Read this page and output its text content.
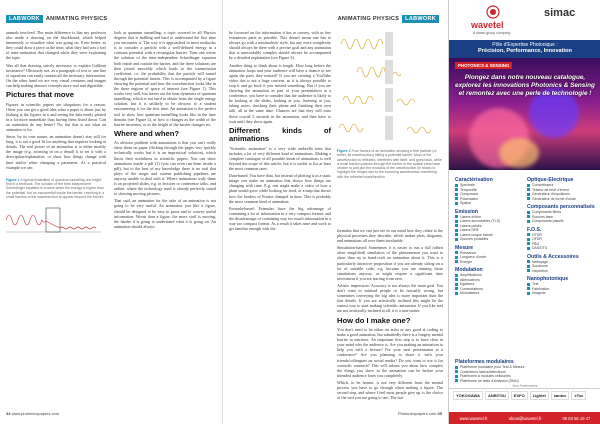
LABWORK	ANIMATING PHYSICS

animals involved. The main difference is that my professor also made a drawing on the blackboard, which helped immensely to visualize what was going on. Even better, as they could draw a piece at the time, what they had was a sort of semi-animation that changed while they were explaining the topic.

Was all that drawing strictly necessary to explain Galilean invariance? Obviously not, as a paragraph of text or one line of equations can easily contain all the necessary information. On the other hand we are very visual creatures and images can help making abstract concepts more real and digestible.

Pictures that move

Figures in scientific papers are ubiquitous for a reason. Often you can get a good idea what a paper is about just by looking at the figures in it and seeing the data neatly plotted in a lot more immediate than having them listed down. Can an animation do any better? No, but that is not what an animation is for.

Since, by its own nature, an animation doesn't stay still for long, it is not a good fit for anything that requires looking at details. The real power of an animation is to either modify the image (e.g. zooming in on a detail) it to set it with a description/explanation, or show how things change with time and/or when changing a parameter. As a practical example we can

Figure 1 A typical illustration of quantum tunnelling one might find in a textbook. The solution of the time independent Schrödinger equation is a wave when the energy is higher than the potential, but an exponential inside the barrier, resulting in a small fraction of the wavefunction to appear beyond the barrier.

look at quantum tunnelling, a topic covered in all Physics degrees that is baffling and hard to understand the first time you encounter it. The way it is approached in most textbooks is to consider a particle with a well-defined energy in a constant potential with a rectangular barrier. Then one writes the solution of the time-independent Schrödinger equation both inside and outside the barrier, and the three solutions are then joined smoothly which leads to the transmission coefficient, i.e. the probability that the particle will tunnel through the potential barrier. This is accompanied by a figure showing the potential and how the wavefunction looks like in the three regions of space of interest (see Figure 1). This works very well, but leaves out the time dynamics of quantum tunnelling, which is not hard to obtain from the single energy solution, but it is unlikely to be obvious to a student encountering it for the first time. An animation is the perfect tool to show how quantum tunnelling looks like in the time domain (see Figure 2), or how it changes as the width of the barrier increases, or as the height of the barrier changes etc.

Where and when?

As obvious problem with animations is that you can't really show them on paper (flicking through the pages very quickly technically works but it is an impractical solution), which limits their usefulness in scientific papers. You can show animations inside a pdf (1) (you can even run them inside a pdf), but to the best of my knowledge there is no tool that plays of the magic and current publishing pipelines are anyway unable to deal with it. Where animations truly shine is on projected slides, e.g. in lectures or conference talks, and online, where the technology used is already perfectly suited to showing moving pictures.

That said, an animation for the sake of an animation is not going to be very useful. An animation, just like a figure, should be designed to be easy to parse and to convey useful information. Worse than a figure, the more stuff is moving, the harder it is going to understand what it is going on. An animation should always

34 www.photonicspapers.com
ANIMATING PHYSICS	LABWORK

be focussed on the information it has to convey, with as few extraneous parts as possible. This doesn't mean one has to always go with a minimalistic style, but any extra complexity should always be there with a precise goal and any animation that is unavoidably complex should always be accompanied by a detailed explanation (see Figure 3).

Another thing to think about is length. How long before the animation loops and your audience will have a chance to see again the parts they missed? If you are creating a YouTube video this is not a huge concern, as it is always possible to stop it and go back if you missed something. But if you are showing the animation as part of your presentation at a conference, you have to consider that the audience is likely to be looking at the slides, looking at you, listening at you, taking notes, checking their phone and finishing their own talk, all at the same time. Chances are that they will miss those crucial 3 seconds in the animation, and then have to wait until they show again.

Different kinds of animations

"Scientific animation" is a very wide umbrella term that includes a lot of very different kind of animations. Making a complete catalogue of all possible kinds of animations is well beyond the scope of this article, but it is useful to list at least the most common ones.

Data-based: You have data, but instead of plotting it as a static image you make an animation that shows how things are changing with time. E.g. one might make a video of how a plant would grow while looking for food, or a map that shows how the borders of France changed in time. This is probably the most common kind of animation.

Formula-based: Formulas have the big advantage of containing a lot of information in a very compact format, and the disadvantage of containing way too much information in a way too compact format. As a result it takes time and work to get familiar enough with the

Figure 2 Four frames of an animation showing a free particle (or better, its wavefunction) hitting a potential barrier. Most of the wavefunction is reflected, interferes with itself, and goes back, while a small fraction passes through the barrier in the spatial crest have chosen to just plot the modulus of the wavefunction (in black) to highlight the fringes due to the incoming wavefunction interfering with the reflected wavefunction.

formulas that we can just see in our mind how they relate to the physical processes they describe, which makes plots, diagrams, and animations all over them invaluable.

Simulation-based: Sometimes it is easier to run a full (albeit often simplified) simulation of the phenomenon you want to show than try to hand-craft an animation about it. This is a particularly attractive proposition if you are already sitting on a lot of suitable code, e.g. because you are running those simulations anyway, or might require a significant time investment if you are starting from zero.

Artistic impression: Accuracy is not always the main goal. You don't want to mislead people or be factually wrong, but sometimes conveying the big idea is more important than the fine details. If you are artistically inclined this might be the easiest way to start making scientific animation. If you like me) are not artistically inclined at all, it is a non-starter.

How do I make one?

You don't need to be either an artist or any good at coding to make a good animation, but admittedly there is a fungety mental barrier to entrance. An important first step is to have clear in your mind who the audience is. Are you making an animation to help you with a lecture? For your next presentation at a conference? Are you planning to share it with your friends/colleagues on social media? Do you want to use it for scientific outreach? This will inform you about how complex the things you show in the animation can be before your intended audience loses you completely.

Which, to be honest, is not very different from the mental process you have to go through when making a figure. The second step, and where I feel most people give up, is the choice of the tool you are going to use. The fact

Photonicspapers.com 35
wavetel
A simac group company
simac
Pôle d'Expertise Photonique :
Précision, Performance, Innovation
PHOTONICS & SENSING
Plongez dans notre nouveau catalogue, explorez les innovations Photonics & Sensing et remontez avec une perle de technologie !
Caractérisation
Spectrale
Temporelle
Composant
Polarisation
Spatial
Emission
Lasers à fibre
Lasers accordables (TLS)
Lasers pulsés
Lasers DFB
Lasers longue bande
Sources portables
Mesure
Puissance
Longueur d'onde
Energie
Modulation
Amplificateurs
Atténuateurs
Egaliseur
Commutateurs
Modulateurs
Optique-Electrique
Convertisseur
Testeur de bruit d'erreur
Générateur d'impulsions
Générateur de forme d'onde
Composants personnalisés
Composants fibres
Sources laser
Composants passifs
F.O.S.
OTDR
OFDR
FBG
DAS/DTS
Outils & Accessoires
Nettoyage
Soudeuse
Inspection
Nanophotonique
Test
Fabrication
Imagerie
Plateformes modulaires
Plateforme modulaire pour Test & Mesure
Contrôleurs lasers/détecteurs
Plateforme à modules cellulaires
Plateforme de tests d'émission (SMU)
Nos Partenaires
YOKOGAWA	ANRITSU	EXFO	Lightel	santec	eTsc
www.wavetel.fr	about@wavetel.fr	06 83 55 19 47
